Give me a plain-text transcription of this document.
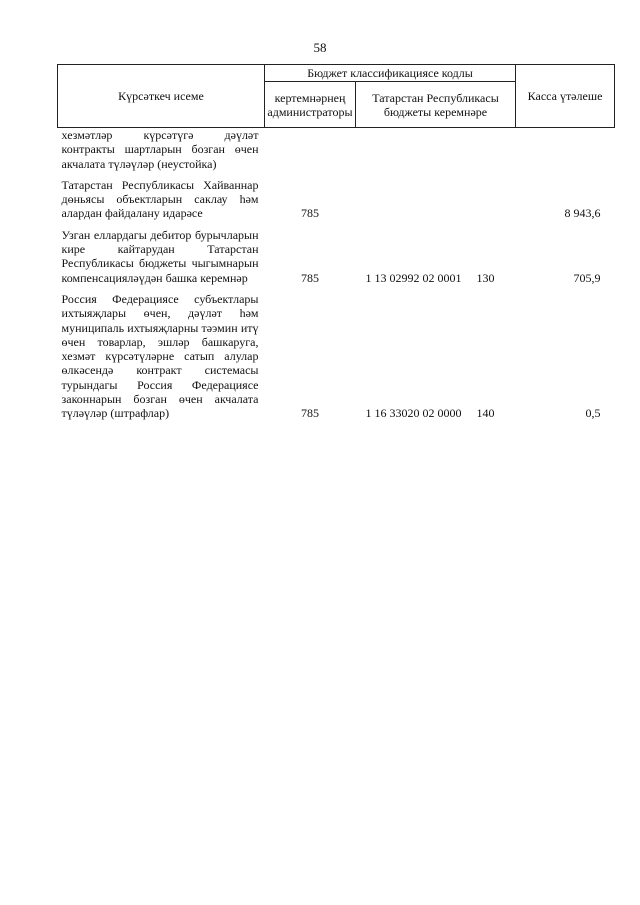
58
Күрсәткеч исеме	Бюджет классификациясе кодлы		Касса үтәлеше
	кертемнәрнең администраторы	Татарстан Республикасы бюджеты керемнәре	
хезмәтләр күрсәтүгә дәүләт контракты шартларын бозган өчен акчалата түләүләр (неустойка)			

Татарстан Республикасы Хайваннар дөньясы объектларын саклау һәм алардан файдалану идарәсе	785		8 943,6

Узган еллардагы дебитор бурычларын кире кайтарудан Татарстан Республикасы бюджеты чыгымнарын компенсацияләүдән башка керемнәр	785	1 13 02992 02 0001     130	705,9

Россия Федерациясе субъектлары ихтыяҗлары өчен, дәүләт һәм муниципаль ихтыяҗларны тәэмин итү өчен товарлар, эшләр башкаруга, хезмәт күрсәтүләрне сатып алулар өлкәсендә контракт системасы турындагы Россия Федерациясе законнарын бозган өчен акчалата түләүләр (штрафлар)	785	1 16 33020 02 0000     140	0,5
